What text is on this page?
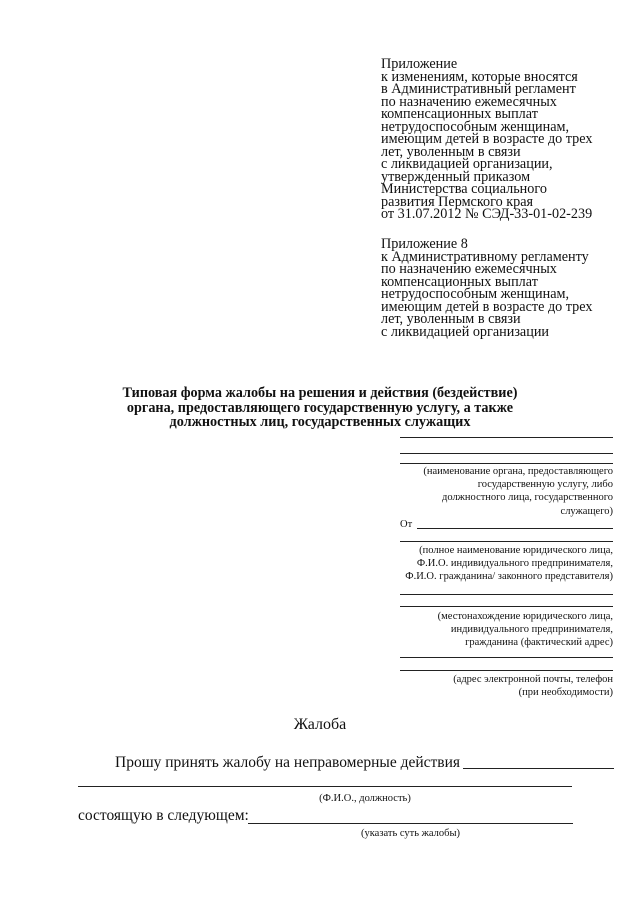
Приложение
к изменениям, которые вносятся
в Административный регламент
по назначению ежемесячных
компенсационных выплат
нетрудоспособным женщинам,
имеющим детей в возрасте до трех
лет, уволенным в связи
с ликвидацией организации,
утвержденный приказом
Министерства социального
развития Пермского края
от 31.07.2012 № СЭД-33-01-02-239
Приложение 8
к Административному регламенту
по назначению ежемесячных
компенсационных выплат
нетрудоспособным женщинам,
имеющим детей в возрасте до трех
лет, уволенным в связи
с ликвидацией организации
Типовая форма жалобы на решения и действия (бездействие)
органа, предоставляющего государственную услугу, а также
должностных лиц, государственных служащих
(наименование органа, предоставляющего
государственную услугу, либо
должностного лица, государственного
служащего)
От
(полное наименование юридического лица,
Ф.И.О. индивидуального предпринимателя,
Ф.И.О. гражданина/ законного представителя)
(местонахождение юридического лица,
индивидуального предпринимателя,
гражданина (фактический адрес)
(адрес электронной почты, телефон
(при необходимости)
Жалоба
Прошу принять жалобу на неправомерные действия
(Ф.И.О., должность)
состоящую в следующем:
(указать суть жалобы)
